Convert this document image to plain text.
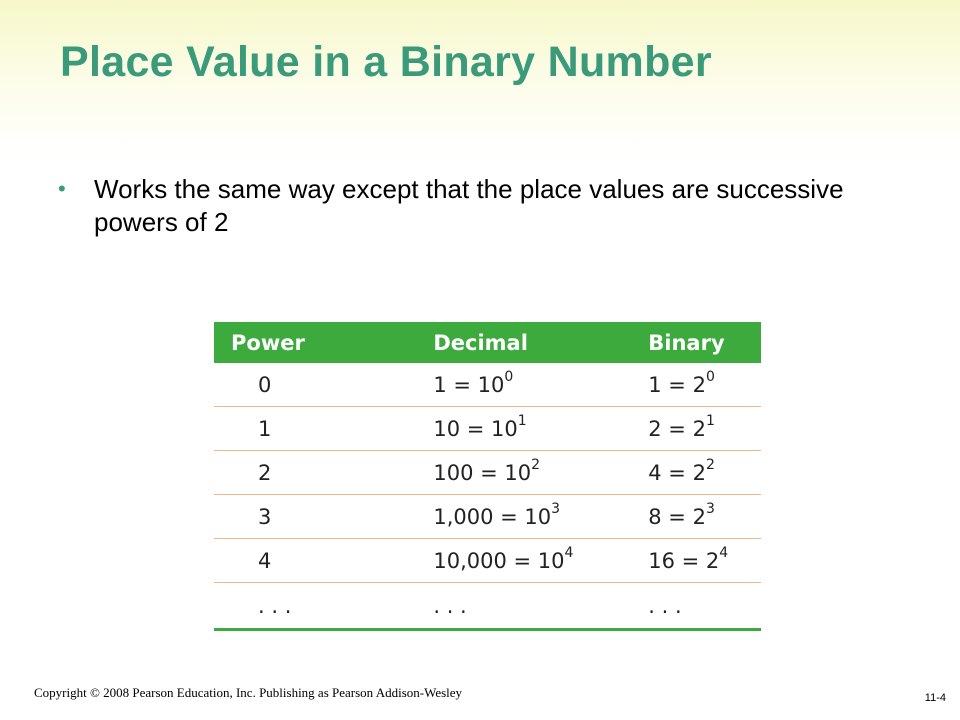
Place Value in a Binary Number
•	Works the same way except that the place values are successive powers of 2
Power	Decimal	Binary
0	$1 = 10^0$	$1 = 2^0$
1	$10 = 10^1$	$2 = 2^1$
2	$100 = 10^2$	$4 = 2^2$
3	$1,000 = 10^3$	$8 = 2^3$
4	$10,000 = 10^4$	$16 = 2^4$
. . .	. . .	. . .
Copyright © 2008 Pearson Education, Inc. Publishing as Pearson Addison-Wesley	11-4
